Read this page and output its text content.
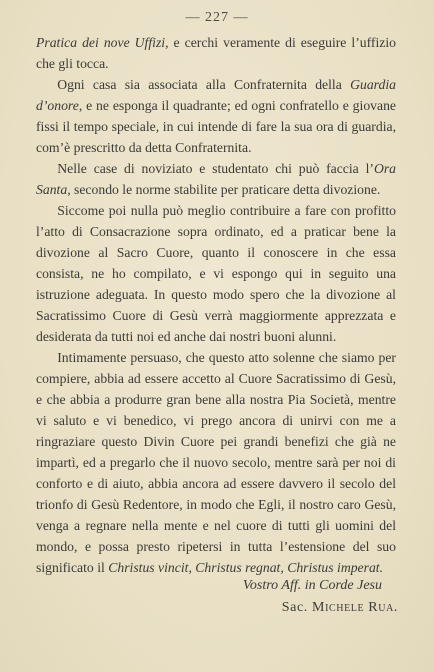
— 227 —

Pratica dei nove Uffizi, e cerchi veramente di eseguire l’uffizio che gli tocca.

Ogni casa sia associata alla Confraternita della Guardia d’onore, e ne esponga il quadrante; ed ogni confratello e giovane fissi il tempo speciale, in cui intende di fare la sua ora di guardia, com’è prescritto da detta Confraternita.

Nelle case di noviziato e studentato chi può faccia l’Ora Santa, secondo le norme stabilite per praticare detta divozione.

Siccome poi nulla può meglio contribuire a fare con profitto l’atto di Consacrazione sopra ordinato, ed a praticar bene la divozione al Sacro Cuore, quanto il conoscere in che essa consista, ne ho compilato, e vi espongo qui in seguito una istruzione adeguata. In questo modo spero che la divozione al Sacratissimo Cuore di Gesù verrà maggiormente apprezzata e desiderata da tutti noi ed anche dai nostri buoni alunni.

Intimamente persuaso, che questo atto solenne che siamo per compiere, abbia ad essere accetto al Cuore Sacratissimo di Gesù, e che abbia a produrre gran bene alla nostra Pia Società, mentre vi saluto e vi benedico, vi prego ancora di unirvi con me a ringraziare questo Divin Cuore pei grandi benefizi che già ne impartì, ed a pregarlo che il nuovo secolo, mentre sarà per noi di conforto e di aiuto, abbia ancora ad essere davvero il secolo del trionfo di Gesù Redentore, in modo che Egli, il nostro caro Gesù, venga a regnare nella mente e nel cuore di tutti gli uomini del mondo, e possa presto ripetersi in tutta l’estensione del suo significato il Christus vincit, Christus regnat, Christus imperat.

Vostro Aff. in Corde Jesu
Sac. Michele Rua.
